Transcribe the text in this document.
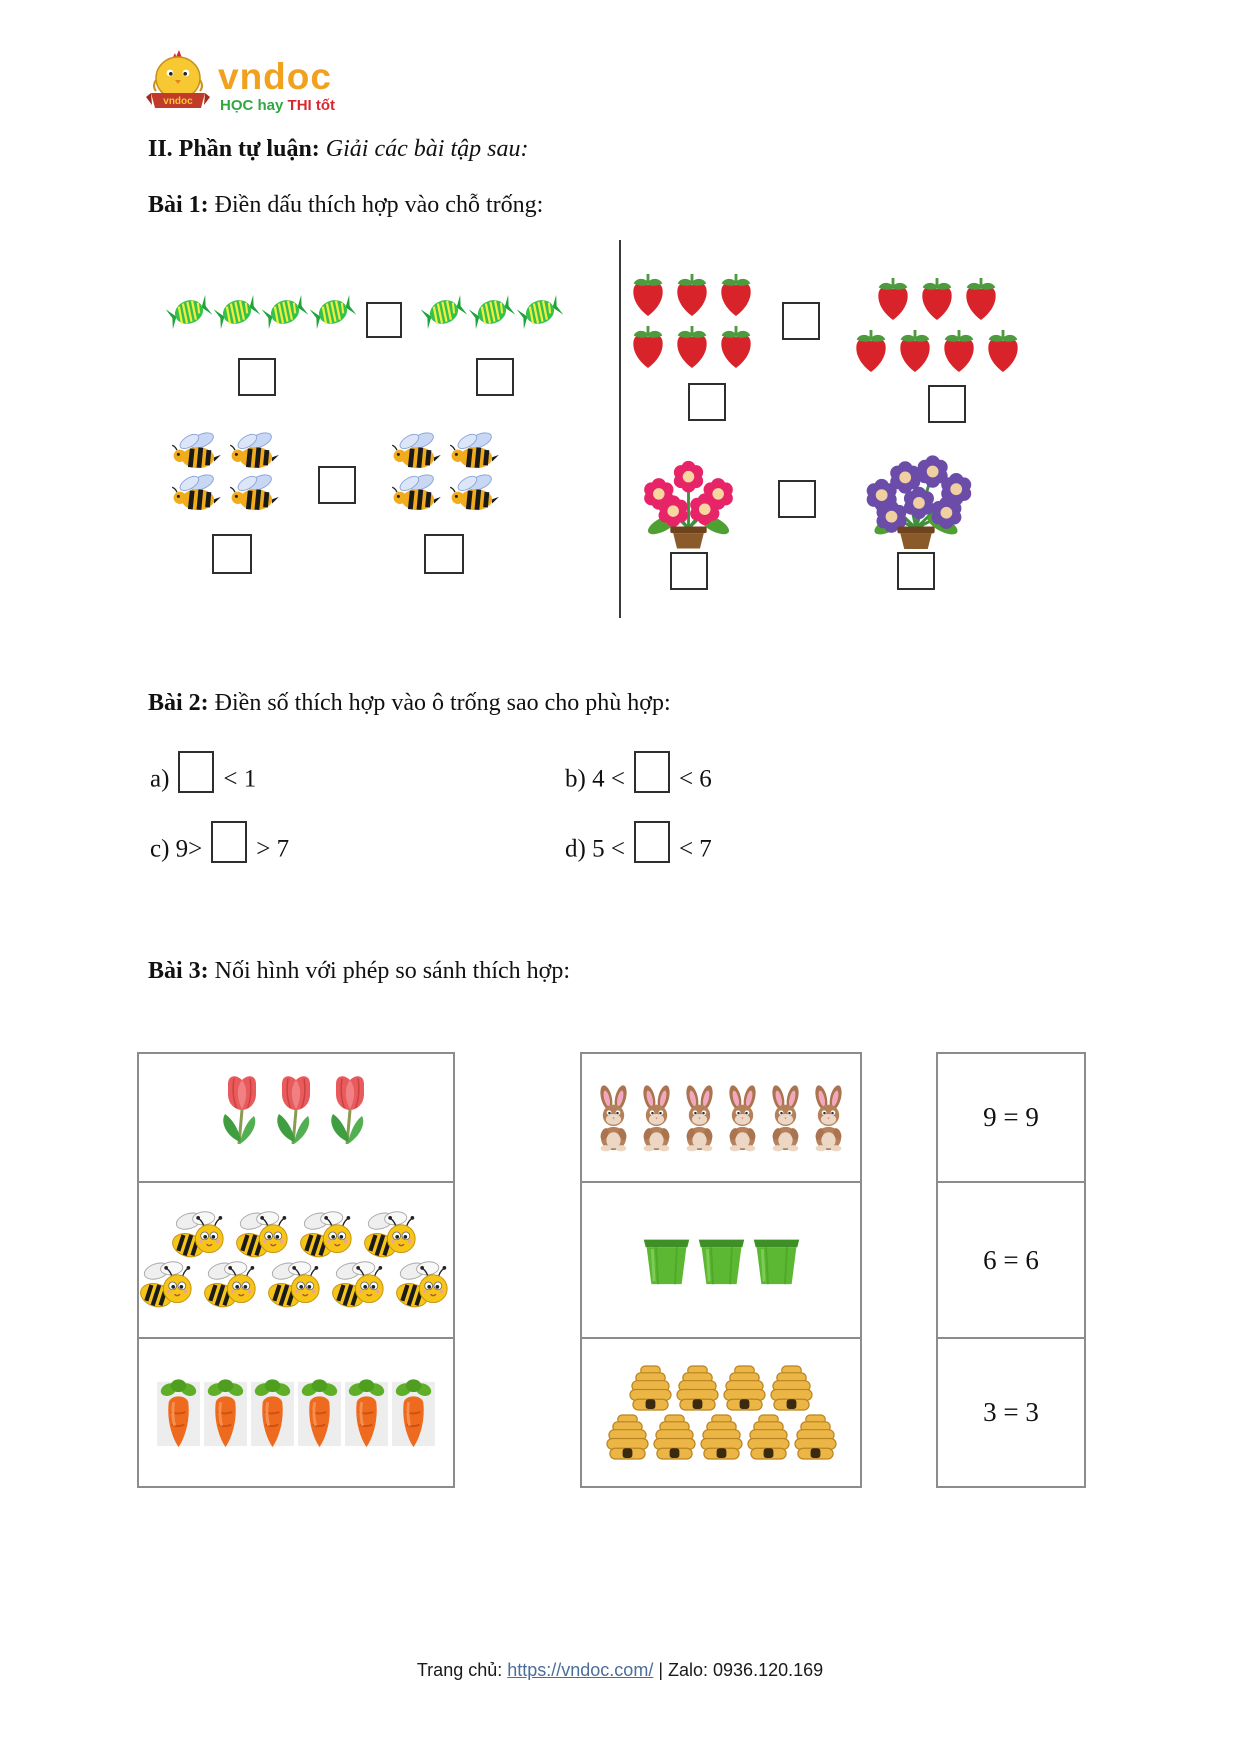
vndoc
vndoc
HỌC hay THI tốt
II. Phần tự luận: Giải các bài tập sau:
Bài 1: Điền dấu thích hợp vào chỗ trống:
Bài 2: Điền số thích hợp vào ô trống sao cho phù hợp:
a) < 1	b) 4 < < 6
c) 9> > 7	d) 5 < < 7
Bài 3: Nối hình với phép so sánh thích hợp:
9 = 9
6 = 6
3 = 3
Trang chủ: https://vndoc.com/ | Zalo: 0936.120.169
